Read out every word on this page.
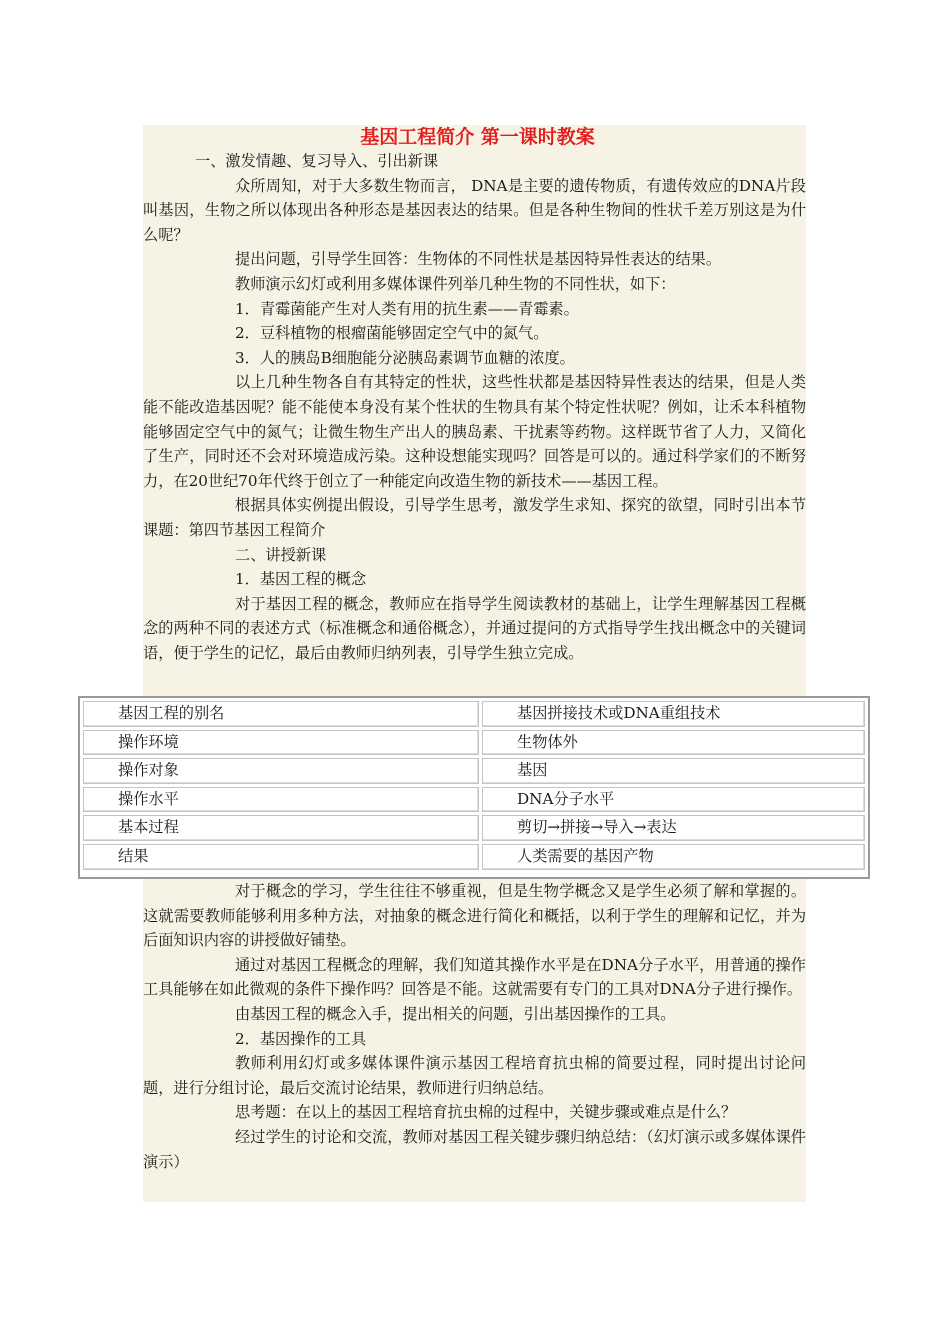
基因工程简介 第一课时教案

一、激发情趣、复习导入、引出新课

众所周知，对于大多数生物而言， DNA是主要的遗传物质，有遗传效应的DNA片段叫基因，生物之所以体现出各种形态是基因表达的结果。但是各种生物间的性状千差万别这是为什么呢？

提出问题，引导学生回答：生物体的不同性状是基因特异性表达的结果。

教师演示幻灯或利用多媒体课件列举几种生物的不同性状，如下：

1．青霉菌能产生对人类有用的抗生素——青霉素。

2．豆科植物的根瘤菌能够固定空气中的氮气。

3．人的胰岛B细胞能分泌胰岛素调节血糖的浓度。

以上几种生物各自有其特定的性状，这些性状都是基因特异性表达的结果，但是人类能不能改造基因呢？能不能使本身没有某个性状的生物具有某个特定性状呢？例如，让禾本科植物能够固定空气中的氮气；让微生物生产出人的胰岛素、干扰素等药物。这样既节省了人力，又简化了生产，同时还不会对环境造成污染。这种设想能实现吗？回答是可以的。通过科学家们的不断努力，在20世纪70年代终于创立了一种能定向改造生物的新技术——基因工程。

根据具体实例提出假设，引导学生思考，激发学生求知、探究的欲望，同时引出本节课题：第四节基因工程简介

二、讲授新课

1．基因工程的概念

对于基因工程的概念，教师应在指导学生阅读教材的基础上，让学生理解基因工程概念的两种不同的表述方式（标准概念和通俗概念），并通过提问的方式指导学生找出概念中的关键词语，便于学生的记忆，最后由教师归纳列表，引导学生独立完成。

基因工程的别名	基因拼接技术或DNA重组技术
操作环境	生物体外
操作对象	基因
操作水平	DNA分子水平
基本过程	剪切→拼接→导入→表达
结果	人类需要的基因产物

对于概念的学习，学生往往不够重视，但是生物学概念又是学生必须了解和掌握的。这就需要教师能够利用多种方法，对抽象的概念进行简化和概括，以利于学生的理解和记忆，并为后面知识内容的讲授做好铺垫。

通过对基因工程概念的理解，我们知道其操作水平是在DNA分子水平，用普通的操作工具能够在如此微观的条件下操作吗？回答是不能。这就需要有专门的工具对DNA分子进行操作。

由基因工程的概念入手，提出相关的问题，引出基因操作的工具。

2．基因操作的工具

教师利用幻灯或多媒体课件演示基因工程培育抗虫棉的简要过程，同时提出讨论问题，进行分组讨论，最后交流讨论结果，教师进行归纳总结。

思考题：在以上的基因工程培育抗虫棉的过程中，关键步骤或难点是什么？

经过学生的讨论和交流，教师对基因工程关键步骤归纳总结：（幻灯演示或多媒体课件演示）
